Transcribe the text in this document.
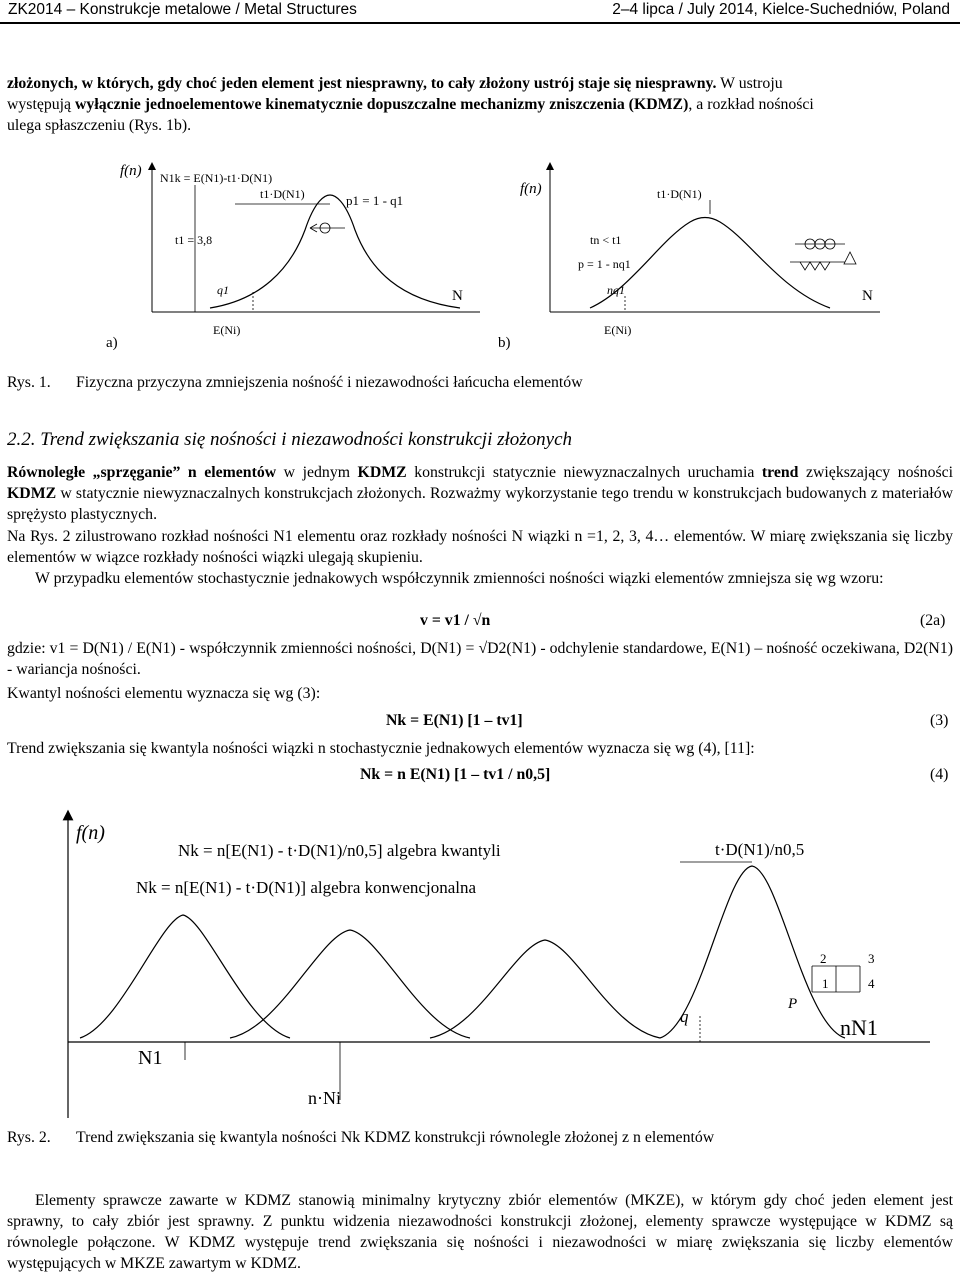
ZK2014 – Konstrukcje metalowe / Metal Structures	2–4 lipca / July 2014, Kielce-Suchedniów, Poland
złożonych, w których, gdy choć jeden element jest niesprawny, to cały złożony ustrój staje się niesprawny. W ustroju
występują wyłącznie jednoelementowe kinematycznie dopuszczalne mechanizmy zniszczenia (KDMZ), a rozkład nośności
ulega spłaszczeniu (Rys. 1b).
f(n) N1k = E(N1)-t1·D(N1)
t1·D(N1)	p1 = 1 - q1
t1 = 3,8
q1	N
E(Ni)
a)
f(n)	t1·D(N1)
tn < t1
p = 1 - nq1
nq1	N
E(Ni)
b)
Rys. 1. Fizyczna przyczyna zmniejszenia nośność i niezawodności łańcucha elementów
2.2. Trend zwiększania się nośności i niezawodności konstrukcji złożonych
Równoległe „sprzęganie” n elementów w jednym KDMZ konstrukcji statycznie niewyznaczalnych uruchamia trend zwiększający nośności KDMZ w statycznie niewyznaczalnych konstrukcjach złożonych. Rozważmy wykorzystanie tego trendu w konstrukcjach budowanych z materiałów sprężysto plastycznych.
Na Rys. 2 zilustrowano rozkład nośności N1 elementu oraz rozkłady nośności N wiązki n =1, 2, 3, 4… elementów. W miarę zwiększania się liczby elementów w wiązce rozkłady nośności wiązki ulegają skupieniu.
W przypadku elementów stochastycznie jednakowych współczynnik zmienności nośności wiązki elementów zmniejsza się wg wzoru:
v = v1 / √n	(2a)
gdzie: v1 = D(N1) / E(N1) - współczynnik zmienności nośności, D(N1) = √D2(N1) - odchylenie standardowe, E(N1) – nośność oczekiwana, D2(N1) - wariancja nośności.
Kwantyl nośności elementu wyznacza się wg (3):
Nk = E(N1) [1 – tv1]	(3)
Trend zwiększania się kwantyla nośności wiązki n stochastycznie jednakowych elementów wyznacza się wg (4), [11]:
Nk = n E(N1) [1 – tv1 / n0,5]	(4)
f(n)
Nk = n[E(N1) - t·D(N1)/n0,5] algebra kwantyli
Nk = n[E(N1) - t·D(N1)] algebra konwencjonalna
t·D(N1)/n0,5
2	3
1	4
q
P
nN1
N1
n·Ni
Rys. 2. Trend zwiększania się kwantyla nośności Nk KDMZ konstrukcji równolegle złożonej z n elementów
Elementy sprawcze zawarte w KDMZ stanowią minimalny krytyczny zbiór elementów (MKZE), w którym gdy choć jeden element jest sprawny, to cały zbiór jest sprawny. Z punktu widzenia niezawodności konstrukcji złożonej, elementy sprawcze występujące w KDMZ są równolegle połączone. W KDMZ występuje trend zwiększania się nośności i niezawodności w miarę zwiększania się liczby elementów występujących w MKZE zawartym w KDMZ.
